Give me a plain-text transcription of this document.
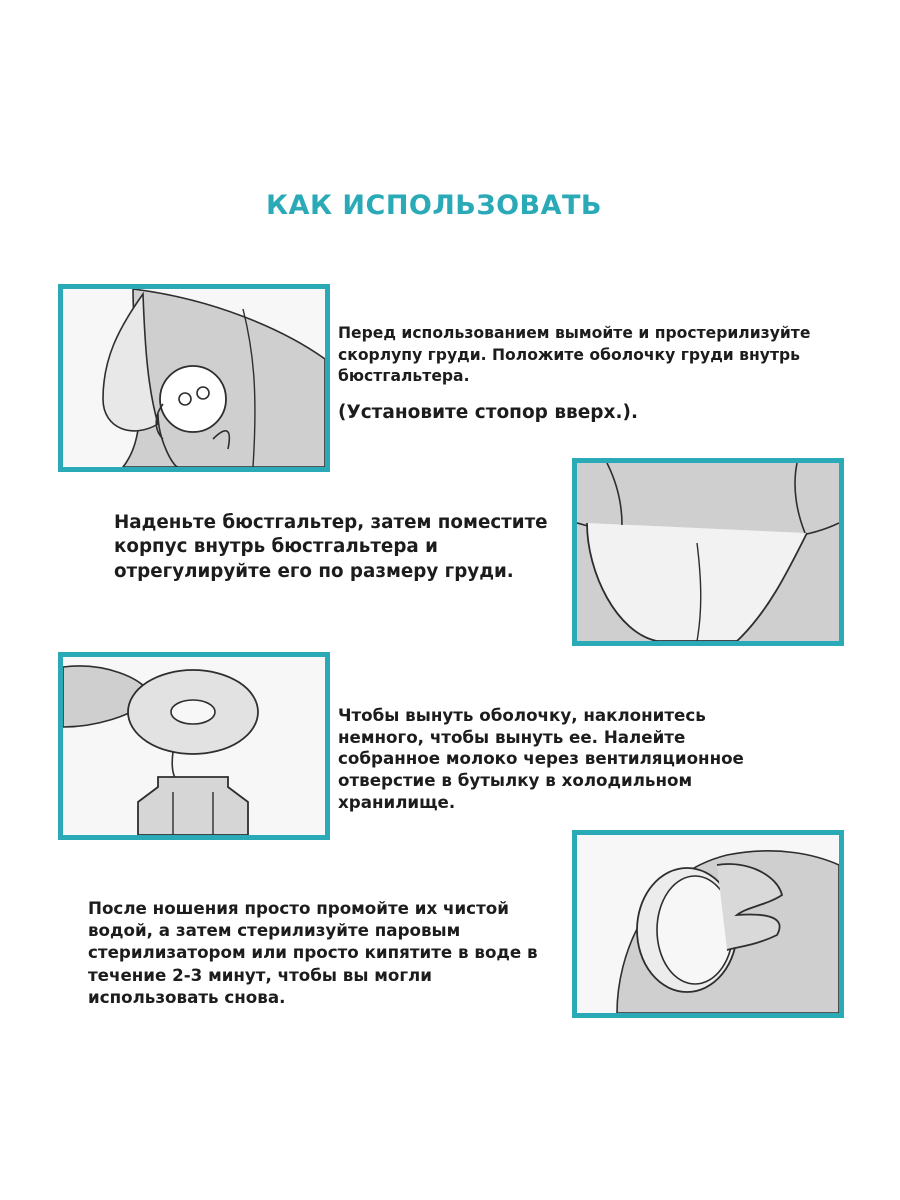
КАК ИСПОЛЬЗОВАТЬ
Перед использованием вымойте и простерилизуйте скорлупу груди. Положите оболочку груди внутрь бюстгальтера.
(Установите стопор вверх.).
Наденьте бюстгальтер, затем поместите корпус внутрь бюстгальтера и отрегулируйте его по размеру груди.
Чтобы вынуть оболочку, наклонитесь немного, чтобы вынуть ее. Налейте собранное молоко через вентиляционное отверстие в бутылку в холодильном хранилище.
После ношения просто промойте их чистой водой, а затем стерилизуйте паровым стерилизатором или просто кипятите в воде в течение 2-3 минут, чтобы вы могли использовать снова.
